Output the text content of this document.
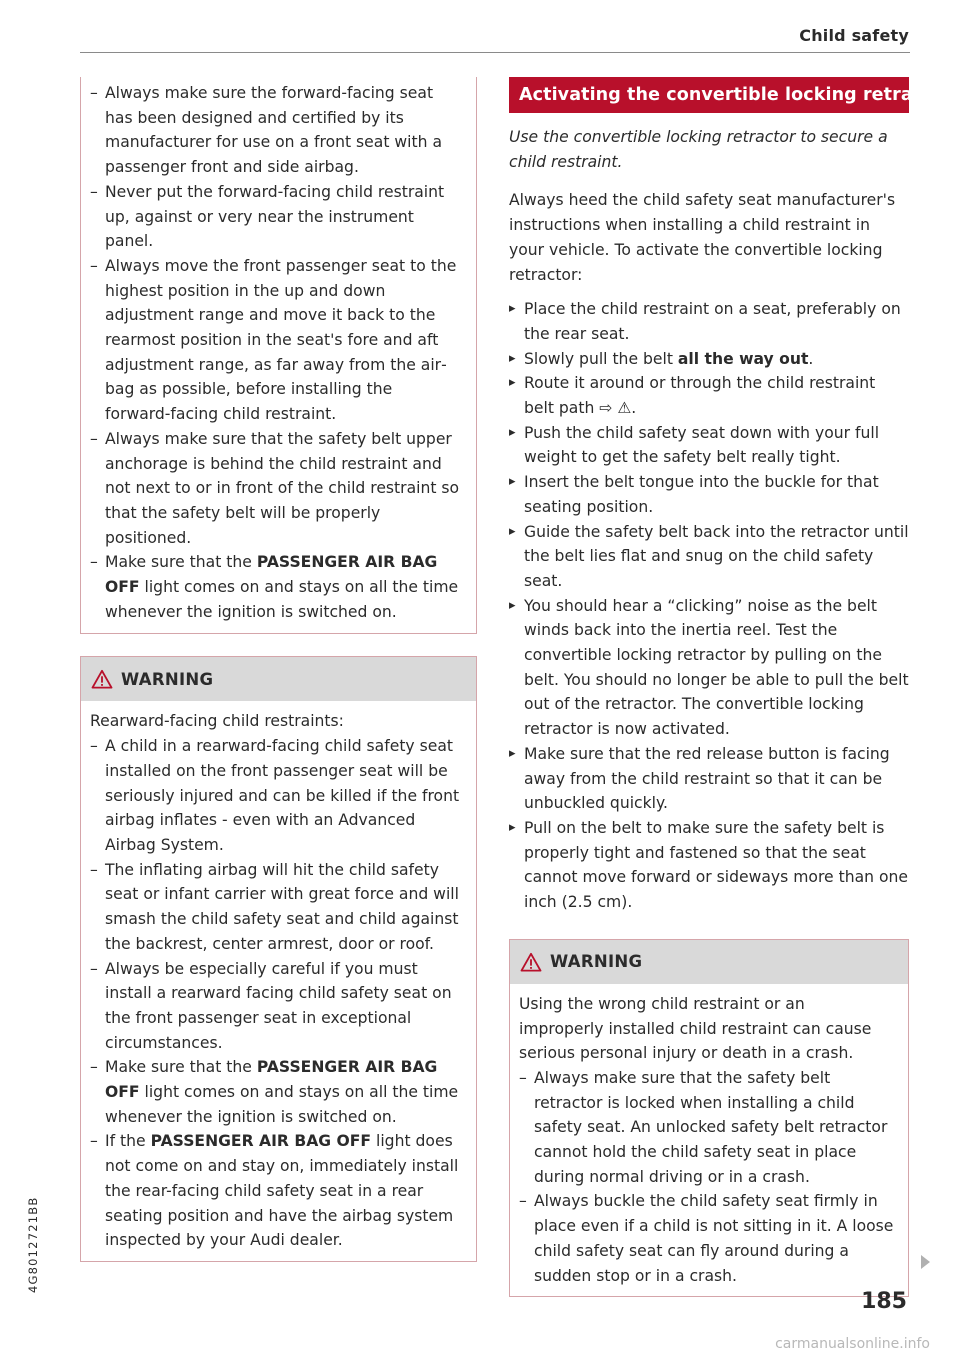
Child safety
– Always make sure the forward-facing seat has been designed and certified by its manufacturer for use on a front seat with a passenger front and side airbag.
– Never put the forward-facing child restraint up, against or very near the instrument panel.
– Always move the front passenger seat to the highest position in the up and down adjustment range and move it back to the rearmost position in the seat's fore and aft adjustment range, as far away from the airbag as possible, before installing the forward-facing child restraint.
– Always make sure that the safety belt upper anchorage is behind the child restraint and not next to or in front of the child restraint so that the safety belt will be properly positioned.
– Make sure that the PASSENGER AIR BAG OFF light comes on and stays on all the time whenever the ignition is switched on.
WARNING

Rearward-facing child restraints:

– A child in a rearward-facing child safety seat installed on the front passenger seat will be seriously injured and can be killed if the front airbag inflates - even with an Advanced Airbag System.
– The inflating airbag will hit the child safety seat or infant carrier with great force and will smash the child safety seat and child against the backrest, center armrest, door or roof.
– Always be especially careful if you must install a rearward facing child safety seat on the front passenger seat in exceptional circumstances.
– Make sure that the PASSENGER AIR BAG OFF light comes on and stays on all the time whenever the ignition is switched on.
– If the PASSENGER AIR BAG OFF light does not come on and stay on, immediately install the rear-facing child safety seat in a rear seating position and have the airbag system inspected by your Audi dealer.
Activating the convertible locking retractor

Use the convertible locking retractor to secure a child restraint.

Always heed the child safety seat manufacturer's instructions when installing a child restraint in your vehicle. To activate the convertible locking retractor:

▸ Place the child restraint on a seat, preferably on the rear seat.
▸ Slowly pull the belt all the way out.
▸ Route it around or through the child restraint belt path ⇨ ⚠.
▸ Push the child safety seat down with your full weight to get the safety belt really tight.
▸ Insert the belt tongue into the buckle for that seating position.
▸ Guide the safety belt back into the retractor until the belt lies flat and snug on the child safety seat.
▸ You should hear a “clicking” noise as the belt winds back into the inertia reel. Test the convertible locking retractor by pulling on the belt. You should no longer be able to pull the belt out of the retractor. The convertible locking retractor is now activated.
▸ Make sure that the red release button is facing away from the child restraint so that it can be unbuckled quickly.
▸ Pull on the belt to make sure the safety belt is properly tight and fastened so that the seat cannot move forward or sideways more than one inch (2.5 cm).
WARNING

Using the wrong child restraint or an improperly installed child restraint can cause serious personal injury or death in a crash.

– Always make sure that the safety belt retractor is locked when installing a child safety seat. An unlocked safety belt retractor cannot hold the child safety seat in place during normal driving or in a crash.
– Always buckle the child safety seat firmly in place even if a child is not sitting in it. A loose child safety seat can fly around during a sudden stop or in a crash.
185
4G8012721BB
carmanualsonline.info
